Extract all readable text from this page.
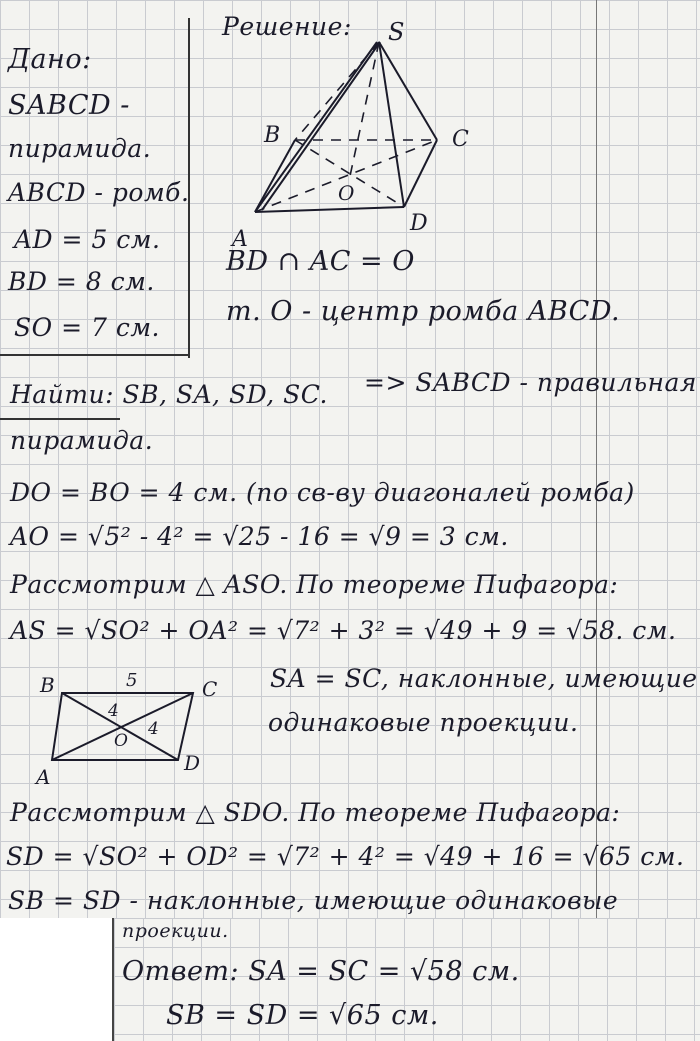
Дано:
SABCD -
пирамида.
ABCD - ромб.
AD = 5 см.
BD = 8 см.
SO = 7 см.
Решение: S
B	C
A
D
O
BD ∩ AC = O
т. O - центр ромба ABCD.
Найти: SB, SA, SD, SC. => SABCD - правильная
пирамида.
DO = BO = 4 см. (по св-ву диагоналей ромба)
AO = √5² - 4² = √25 - 16 = √9 = 3 см.
Рассмотрим △ ASO. По теореме Пифагора:
AS = √SO² + OA² = √7² + 3² = √49 + 9 = √58. см.
SA = SC, наклонные, имеющие
одинаковые проекции.
B	C
A
D
O
5
4
4
Рассмотрим △ SDO. По теореме Пифагора:
SD = √SO² + OD² = √7² + 4² = √49 + 16 = √65 см.
SB = SD - наклонные, имеющие одинаковые
проекции.
Ответ: SA = SC = √58 см.
SB = SD = √65 см.
